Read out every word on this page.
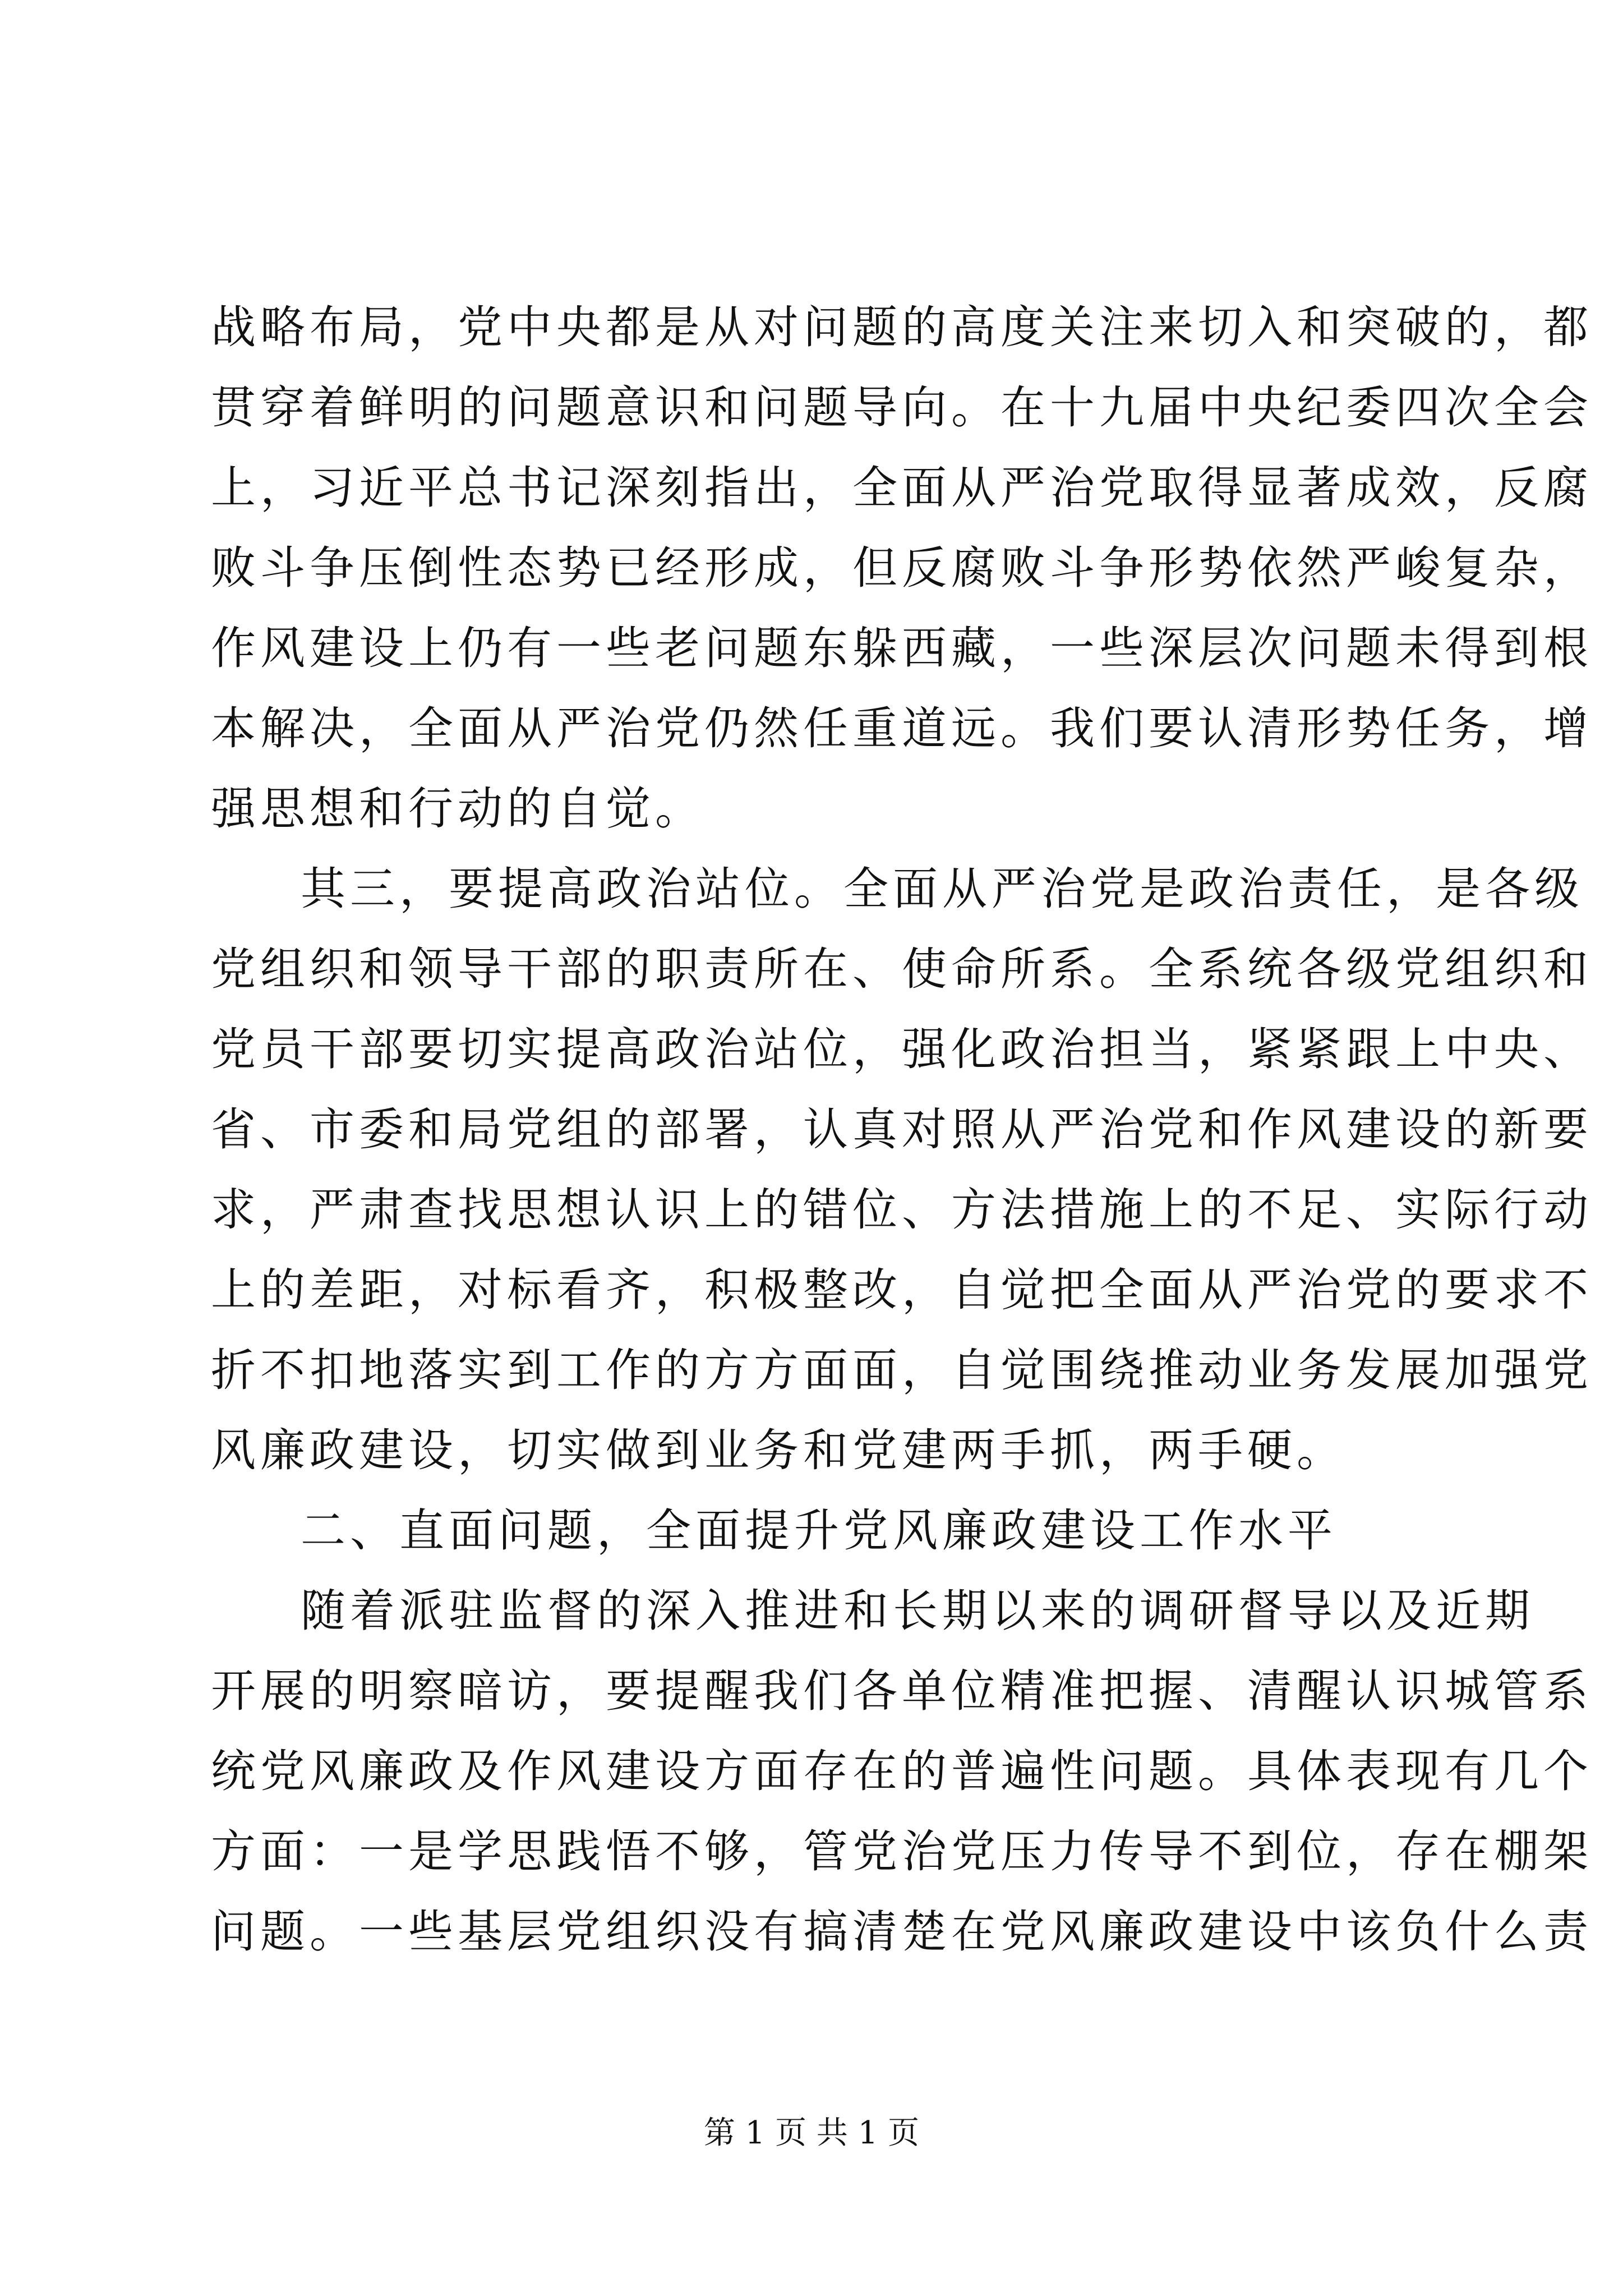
战略布局，党中央都是从对问题的高度关注来切入和突破的，都
贯穿着鲜明的问题意识和问题导向。在十九届中央纪委四次全会
上，习近平总书记深刻指出，全面从严治党取得显著成效，反腐
败斗争压倒性态势已经形成，但反腐败斗争形势依然严峻复杂，
作风建设上仍有一些老问题东躲西藏，一些深层次问题未得到根
本解决，全面从严治党仍然任重道远。我们要认清形势任务，增
强思想和行动的自觉。
其三，要提高政治站位。全面从严治党是政治责任，是各级
党组织和领导干部的职责所在、使命所系。全系统各级党组织和
党员干部要切实提高政治站位，强化政治担当，紧紧跟上中央、
省、市委和局党组的部署，认真对照从严治党和作风建设的新要
求，严肃查找思想认识上的错位、方法措施上的不足、实际行动
上的差距，对标看齐，积极整改，自觉把全面从严治党的要求不
折不扣地落实到工作的方方面面，自觉围绕推动业务发展加强党
风廉政建设，切实做到业务和党建两手抓，两手硬。
二、直面问题，全面提升党风廉政建设工作水平
随着派驻监督的深入推进和长期以来的调研督导以及近期
开展的明察暗访，要提醒我们各单位精准把握、清醒认识城管系
统党风廉政及作风建设方面存在的普遍性问题。具体表现有几个
方面：一是学思践悟不够，管党治党压力传导不到位，存在棚架
问题。一些基层党组织没有搞清楚在党风廉政建设中该负什么责
第 1 页 共 1 页
